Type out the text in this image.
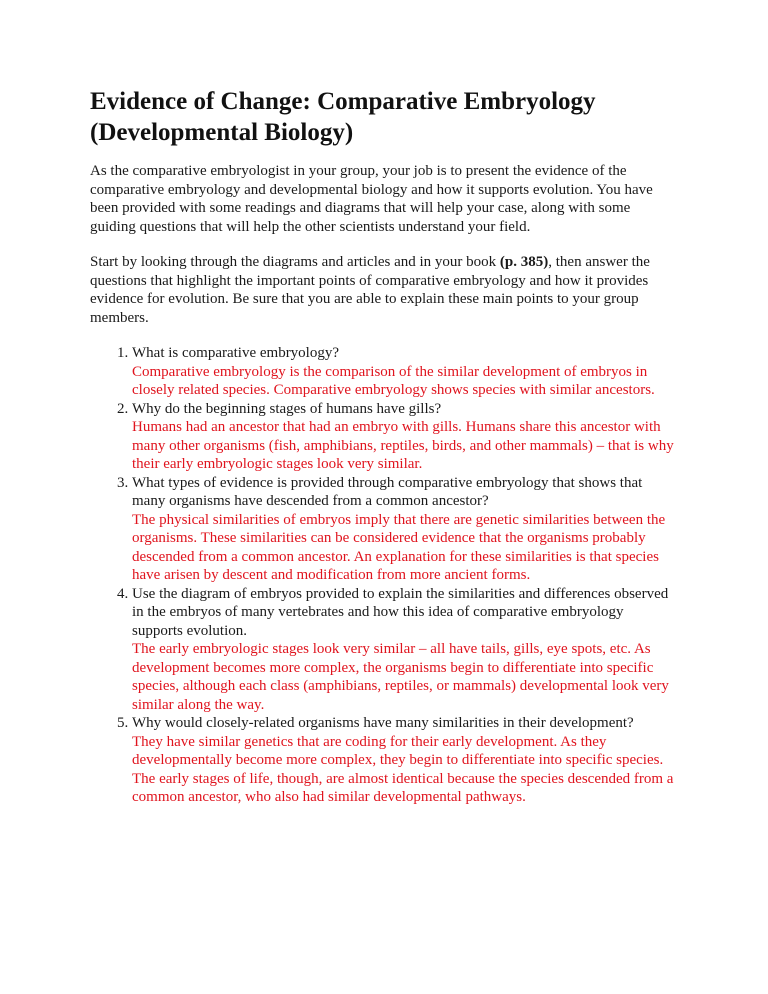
Evidence of Change: Comparative Embryology (Developmental Biology)

As the comparative embryologist in your group, your job is to present the evidence of the comparative embryology and developmental biology and how it supports evolution. You have been provided with some readings and diagrams that will help your case, along with some guiding questions that will help the other scientists understand your field.

Start by looking through the diagrams and articles and in your book (p. 385), then answer the questions that highlight the important points of comparative embryology and how it provides evidence for evolution. Be sure that you are able to explain these main points to your group members.

1. What is comparative embryology?
Comparative embryology is the comparison of the similar development of embryos in closely related species. Comparative embryology shows species with similar ancestors.
2. Why do the beginning stages of humans have gills?
Humans had an ancestor that had an embryo with gills. Humans share this ancestor with many other organisms (fish, amphibians, reptiles, birds, and other mammals) – that is why their early embryologic stages look very similar.
3. What types of evidence is provided through comparative embryology that shows that many organisms have descended from a common ancestor?
The physical similarities of embryos imply that there are genetic similarities between the organisms. These similarities can be considered evidence that the organisms probably descended from a common ancestor. An explanation for these similarities is that species have arisen by descent and modification from more ancient forms.
4. Use the diagram of embryos provided to explain the similarities and differences observed in the embryos of many vertebrates and how this idea of comparative embryology supports evolution.
The early embryologic stages look very similar – all have tails, gills, eye spots, etc. As development becomes more complex, the organisms begin to differentiate into specific species, although each class (amphibians, reptiles, or mammals) developmental look very similar along the way.
5. Why would closely-related organisms have many similarities in their development?
They have similar genetics that are coding for their early development. As they developmentally become more complex, they begin to differentiate into specific species. The early stages of life, though, are almost identical because the species descended from a common ancestor, who also had similar developmental pathways.
